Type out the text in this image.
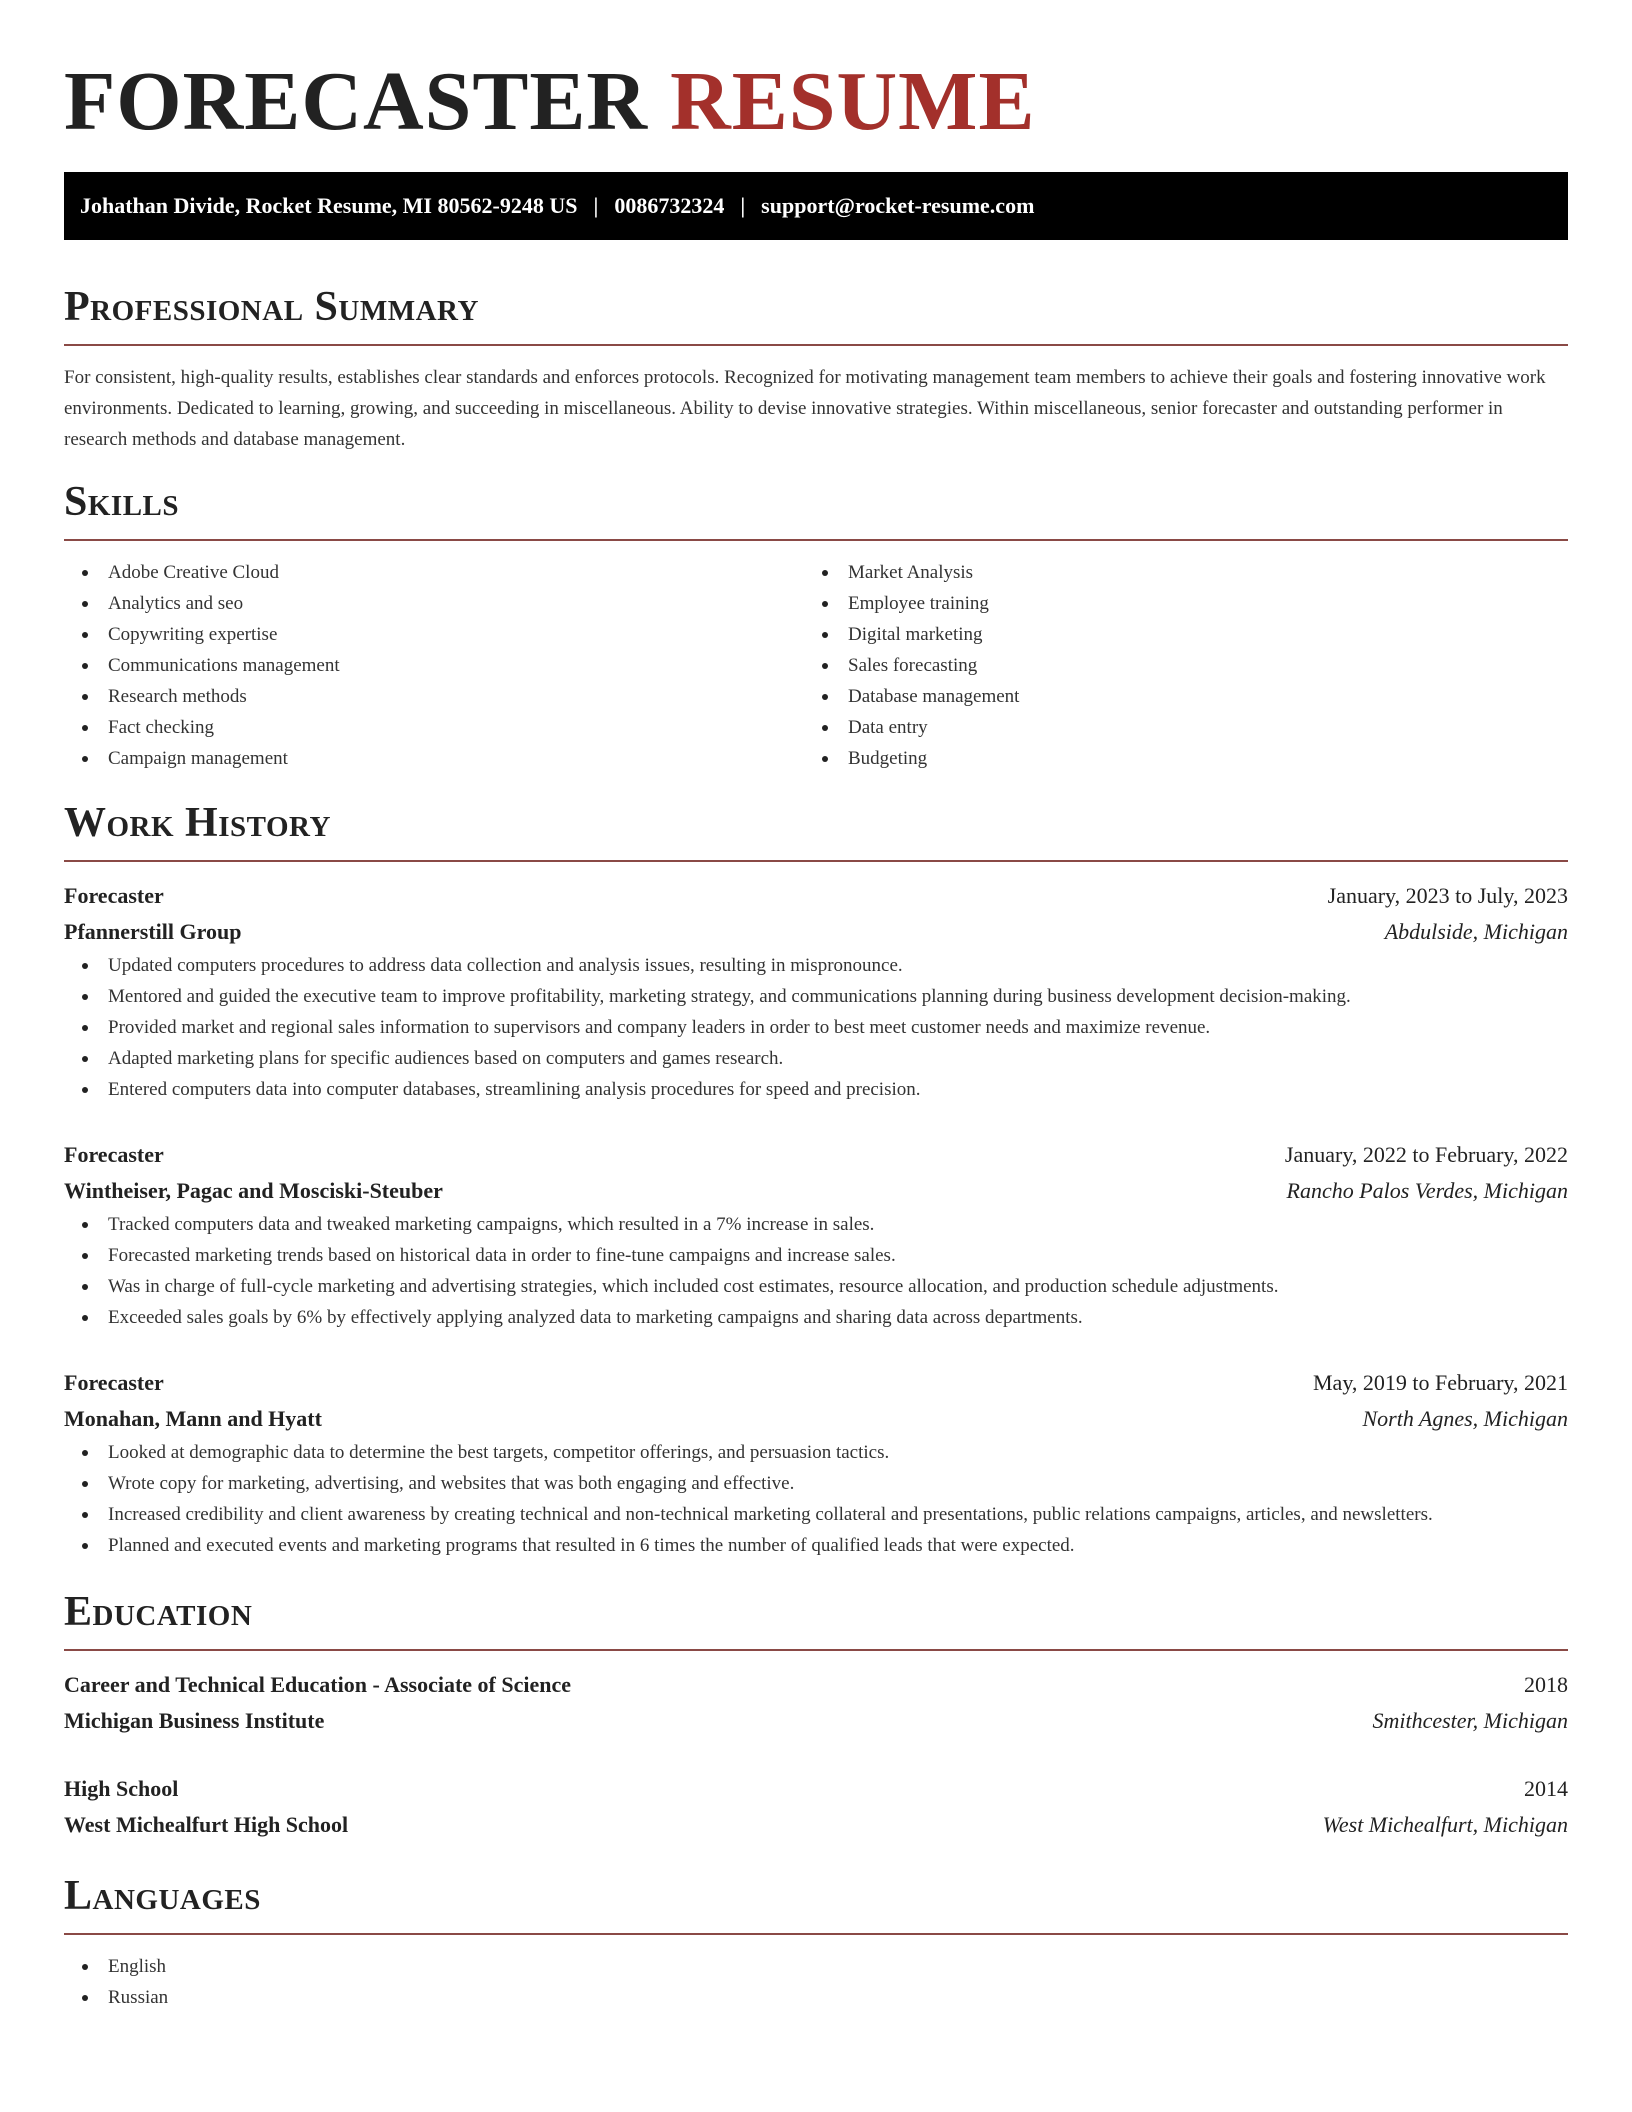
FORECASTER RESUME
Johathan Divide, Rocket Resume, MI 80562-9248 US | 0086732324 | support@rocket-resume.com
Professional Summary

For consistent, high-quality results, establishes clear standards and enforces protocols. Recognized for motivating management team members to achieve their goals and fostering innovative work environments. Dedicated to learning, growing, and succeeding in miscellaneous. Ability to devise innovative strategies. Within miscellaneous, senior forecaster and outstanding performer in research methods and database management.

Skills
Adobe Creative Cloud
Analytics and seo
Copywriting expertise
Communications management
Research methods
Fact checking
Campaign management
Market Analysis
Employee training
Digital marketing
Sales forecasting
Database management
Data entry
Budgeting
Work History
Forecaster	January, 2023 to July, 2023
Pfannerstill Group	Abdulside, Michigan
Updated computers procedures to address data collection and analysis issues, resulting in mispronounce.
Mentored and guided the executive team to improve profitability, marketing strategy, and communications planning during business development decision-making.
Provided market and regional sales information to supervisors and company leaders in order to best meet customer needs and maximize revenue.
Adapted marketing plans for specific audiences based on computers and games research.
Entered computers data into computer databases, streamlining analysis procedures for speed and precision.
Forecaster	January, 2022 to February, 2022
Wintheiser, Pagac and Mosciski-Steuber	Rancho Palos Verdes, Michigan
Tracked computers data and tweaked marketing campaigns, which resulted in a 7% increase in sales.
Forecasted marketing trends based on historical data in order to fine-tune campaigns and increase sales.
Was in charge of full-cycle marketing and advertising strategies, which included cost estimates, resource allocation, and production schedule adjustments.
Exceeded sales goals by 6% by effectively applying analyzed data to marketing campaigns and sharing data across departments.
Forecaster	May, 2019 to February, 2021
Monahan, Mann and Hyatt	North Agnes, Michigan
Looked at demographic data to determine the best targets, competitor offerings, and persuasion tactics.
Wrote copy for marketing, advertising, and websites that was both engaging and effective.
Increased credibility and client awareness by creating technical and non-technical marketing collateral and presentations, public relations campaigns, articles, and newsletters.
Planned and executed events and marketing programs that resulted in 6 times the number of qualified leads that were expected.
Education
Career and Technical Education - Associate of Science	2018
Michigan Business Institute	Smithcester, Michigan
High School	2014
West Michealfurt High School	West Michealfurt, Michigan
Languages
English
Russian
